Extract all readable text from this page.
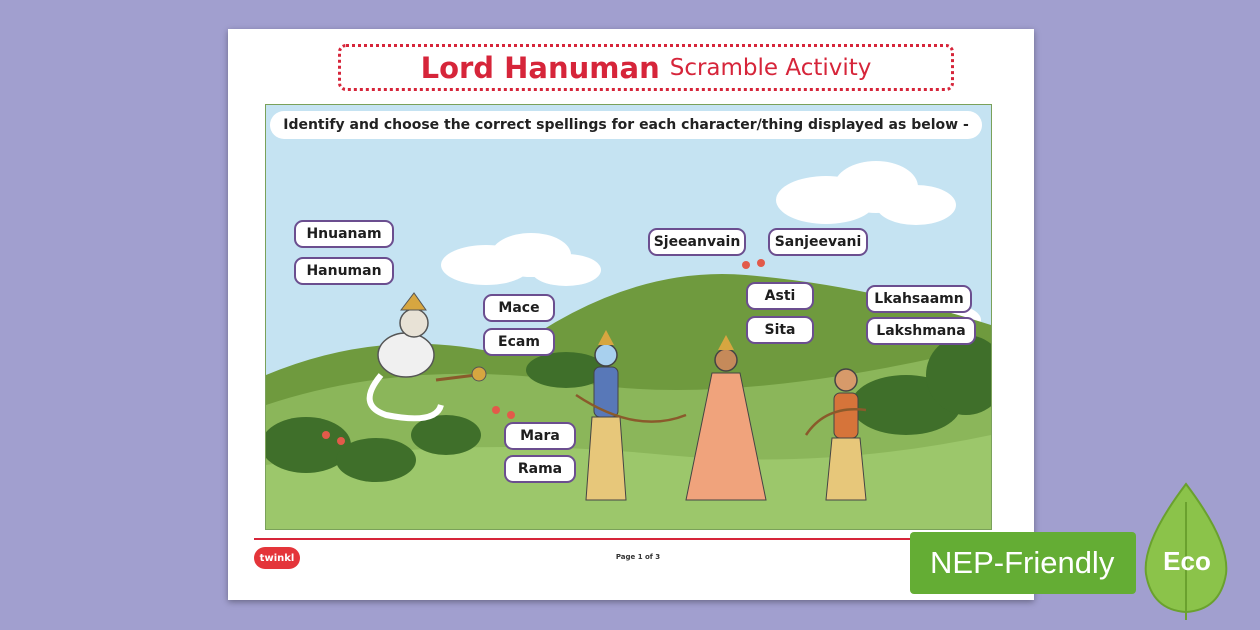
Lord Hanuman Scramble Activity
Identify and choose the correct spellings for each character/thing displayed as below -
Hnuanam
Hanuman
Sjeeanvain	Sanjeevani
Mace
Ecam
Asti
Sita
Lkahsaamn
Lakshmana
Mara
Rama
twinkl	Page 1 of 3	NEP-Friendly Eco
